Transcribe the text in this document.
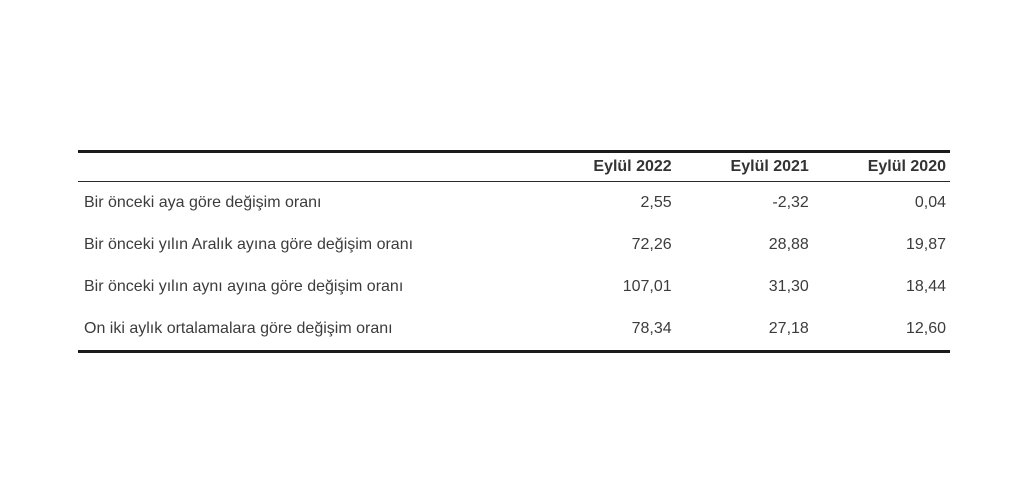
	Eylül 2022	Eylül 2021	Eylül 2020
Bir önceki aya göre değişim oranı	2,55	-2,32	0,04
Bir önceki yılın Aralık ayına göre değişim oranı	72,26	28,88	19,87
Bir önceki yılın aynı ayına göre değişim oranı	107,01	31,30	18,44
On iki aylık ortalamalara göre değişim oranı	78,34	27,18	12,60
